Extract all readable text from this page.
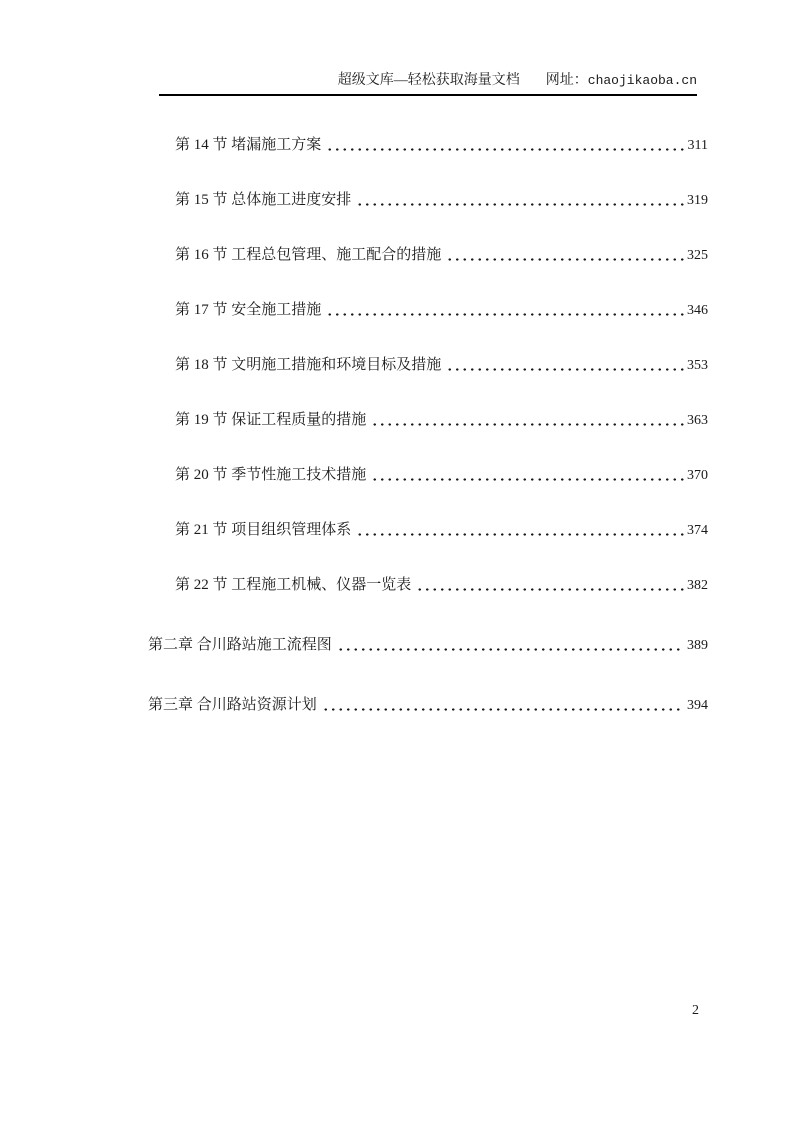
超级文库—轻松获取海量文档 网址：chaojikaoba.cn
第 14 节 堵漏施工方案	311
第 15 节 总体施工进度安排	319
第 16 节 工程总包管理、施工配合的措施	325
第 17 节 安全施工措施	346
第 18 节 文明施工措施和环境目标及措施	353
第 19 节 保证工程质量的措施	363
第 20 节 季节性施工技术措施	370
第 21 节 项目组织管理体系	374
第 22 节 工程施工机械、仪器一览表	382
第二章 合川路站施工流程图	389
第三章 合川路站资源计划	394
2
